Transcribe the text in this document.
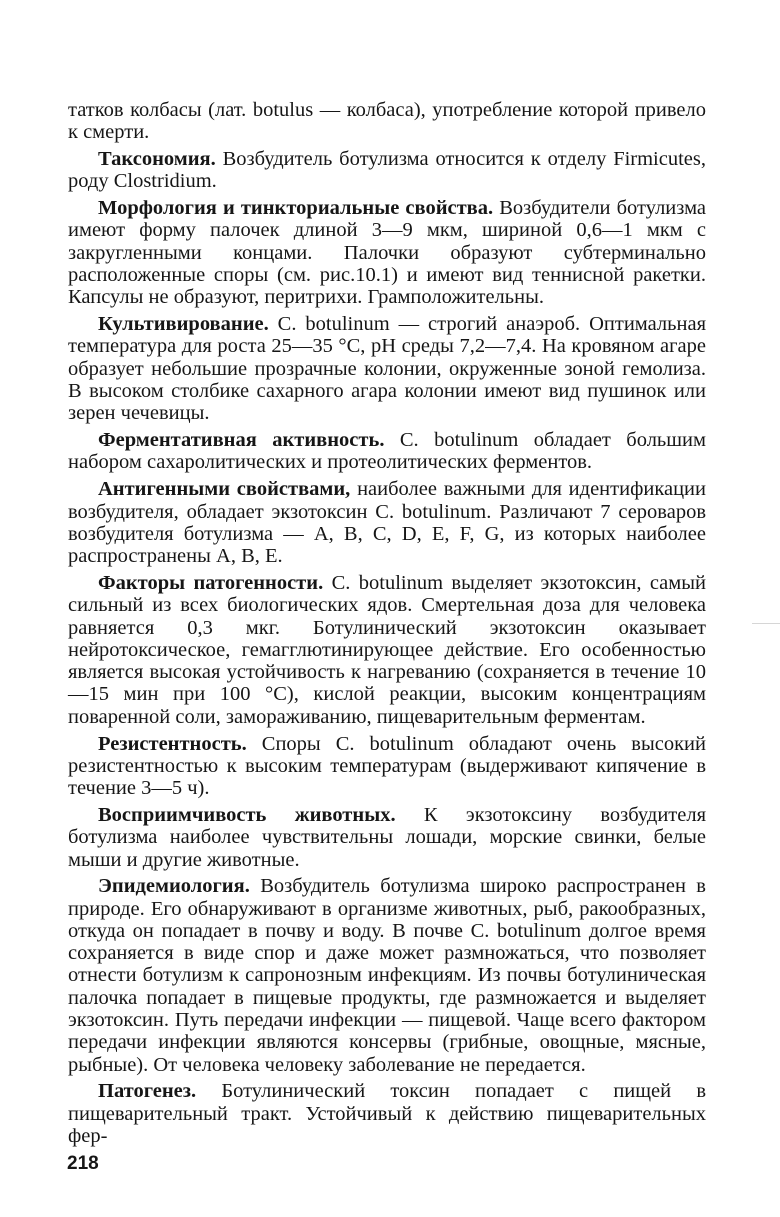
татков колбасы (лат. botulus — колбаса), употребление которой привело к смерти.

Таксономия. Возбудитель ботулизма относится к отделу Firmicutes, роду Clostridium.

Морфология и тинкториальные свойства. Возбудители ботулизма имеют форму палочек длиной 3—9 мкм, шириной 0,6—1 мкм с закругленными концами. Палочки образуют субтерминально расположенные споры (см. рис.10.1) и имеют вид теннисной ракетки. Капсулы не образуют, перитрихи. Грамположительны.

Культивирование. C. botulinum — строгий анаэроб. Оптимальная температура для роста 25—35 °С, рН среды 7,2—7,4. На кровяном агаре образует небольшие прозрачные колонии, окруженные зоной гемолиза. В высоком столбике сахарного агара колонии имеют вид пушинок или зерен чечевицы.

Ферментативная активность. C. botulinum обладает большим набором сахаролитических и протеолитических ферментов.

Антигенными свойствами, наиболее важными для идентификации возбудителя, обладает экзотоксин C. botulinum. Различают 7 сероваров возбудителя ботулизма — А, В, С, D, Е, F, G, из которых наиболее распространены А, В, Е.

Факторы патогенности. C. botulinum выделяет экзотоксин, самый сильный из всех биологических ядов. Смертельная доза для человека равняется 0,3 мкг. Ботулинический экзотоксин оказывает нейротоксическое, гемагглютинирующее действие. Его особенностью является высокая устойчивость к нагреванию (сохраняется в течение 10—15 мин при 100 °С), кислой реакции, высоким концентрациям поваренной соли, замораживанию, пищеварительным ферментам.

Резистентность. Споры C. botulinum обладают очень высокий резистентностью к высоким температурам (выдерживают кипячение в течение 3—5 ч).

Восприимчивость животных. К экзотоксину возбудителя ботулизма наиболее чувствительны лошади, морские свинки, белые мыши и другие животные.

Эпидемиология. Возбудитель ботулизма широко распространен в природе. Его обнаруживают в организме животных, рыб, ракообразных, откуда он попадает в почву и воду. В почве C. botulinum долгое время сохраняется в виде спор и даже может размножаться, что позволяет отнести ботулизм к сапронозным инфекциям. Из почвы ботулиническая палочка попадает в пищевые продукты, где размножается и выделяет экзотоксин. Путь передачи инфекции — пищевой. Чаще всего фактором передачи инфекции являются консервы (грибные, овощные, мясные, рыбные). От человека человеку заболевание не передается.

Патогенез. Ботулинический токсин попадает с пищей в пищеварительный тракт. Устойчивый к действию пищеварительных фер-

218
